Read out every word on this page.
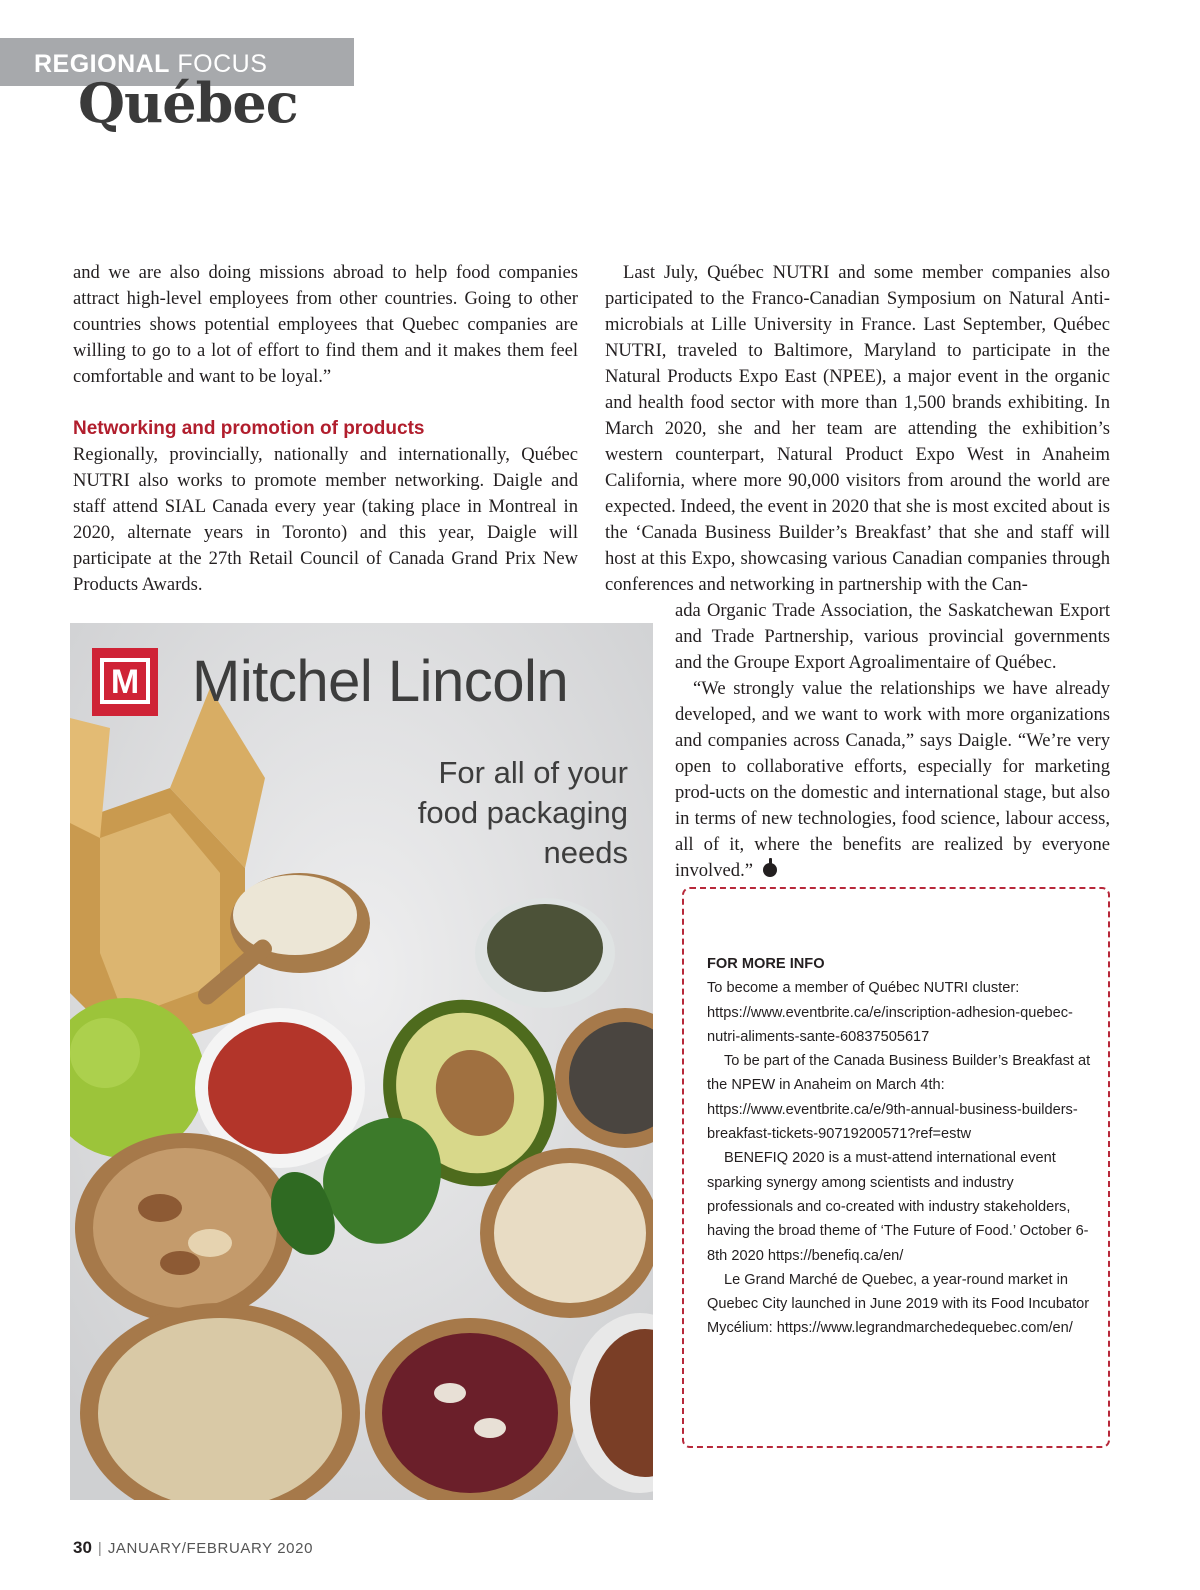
REGIONAL FOCUS
Québec

and we are also doing missions abroad to help food companies attract high-level employees from other countries. Going to other countries shows potential employees that Quebec companies are willing to go to a lot of effort to find them and it makes them feel comfortable and want to be loyal.”

Networking and promotion of products

Regionally, provincially, nationally and internationally, Québec NUTRI also works to promote member networking. Daigle and staff attend SIAL Canada every year (taking place in Montreal in 2020, alternate years in Toronto) and this year, Daigle will participate at the 27th Retail Council of Canada Grand Prix New Products Awards.

Last July, Québec NUTRI and some member companies also participated to the Franco-Canadian Symposium on Natural Anti-microbials at Lille University in France. Last September, Québec NUTRI, traveled to Baltimore, Maryland to participate in the Natural Products Expo East (NPEE), a major event in the organic and health food sector with more than 1,500 brands exhibiting. In March 2020, she and her team are attending the exhibition’s western counterpart, Natural Product Expo West in Anaheim California, where more 90,000 visitors from around the world are expected. Indeed, the event in 2020 that she is most excited about is the ‘Canada Business Builder’s Breakfast’ that she and staff will host at this Expo, showcasing various Canadian companies through conferences and networking in partnership with the Can-

ada Organic Trade Association, the Saskatchewan Export and Trade Partnership, various provincial governments and the Groupe Export Agroalimentaire of Québec.

“We strongly value the relationships we have already developed, and we want to work with more organizations and companies across Canada,” says Daigle. “We’re very open to collaborative efforts, especially for marketing prod-ucts on the domestic and international stage, but also in terms of new technologies, food science, labour access, all of it, where the benefits are realized by everyone involved.”

M Mitchel Lincoln
For all of your
food packaging
needs

FOR MORE INFO

To become a member of Québec NUTRI cluster: https://www.eventbrite.ca/e/inscription-adhesion-quebec-nutri-aliments-sante-60837505617

To be part of the Canada Business Builder’s Breakfast at the NPEW in Anaheim on March 4th: https://www.eventbrite.ca/e/9th-annual-business-builders-breakfast-tickets-90719200571?ref=estw

BENEFIQ 2020 is a must-attend international event sparking synergy among scientists and industry professionals and co-created with industry stakeholders, having the broad theme of ‘The Future of Food.’ October 6-8th 2020 https://benefiq.ca/en/

Le Grand Marché de Quebec, a year-round market in Quebec City launched in June 2019 with its Food Incubator Mycélium: https://www.legrandmarchedequebec.com/en/

30 | JANUARY/FEBRUARY 2020
